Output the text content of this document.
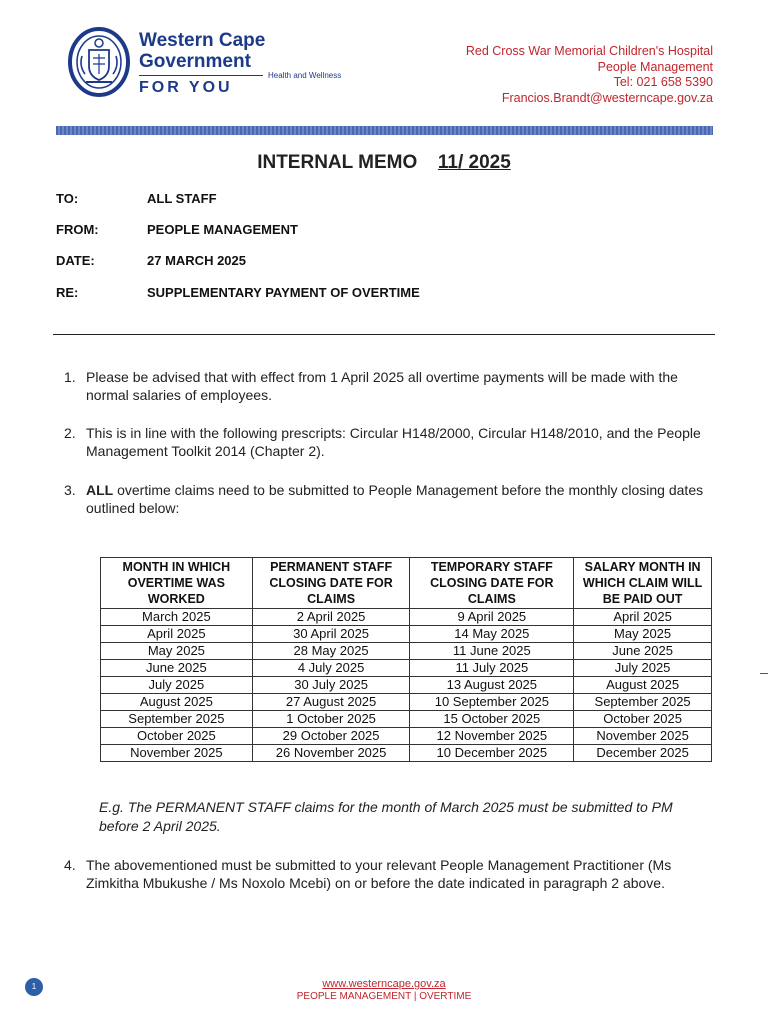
Western Cape
Government
FOR YOU
Health and Wellness
Red Cross War Memorial Children's Hospital
People Management
Tel: 021 658 5390
Francios.Brandt@westerncape.gov.za
INTERNAL MEMO 11/ 2025
TO:	ALL STAFF
FROM:	PEOPLE MANAGEMENT
DATE:	27 MARCH 2025
RE:	SUPPLEMENTARY PAYMENT OF OVERTIME
1. Please be advised that with effect from 1 April 2025 all overtime payments will be made with the normal salaries of employees.
2. This is in line with the following prescripts: Circular H148/2000, Circular H148/2010, and the People Management Toolkit 2014 (Chapter 2).
3. ALL overtime claims need to be submitted to People Management before the monthly closing dates outlined below:
MONTH IN WHICH OVERTIME WAS WORKED	PERMANENT STAFF CLOSING DATE FOR CLAIMS	TEMPORARY STAFF CLOSING DATE FOR CLAIMS	SALARY MONTH IN WHICH CLAIM WILL BE PAID OUT
March 2025	2 April 2025	9 April 2025	April 2025
April 2025	30 April 2025	14 May 2025	May 2025
May 2025	28 May 2025	11 June 2025	June 2025
June 2025	4 July 2025	11 July 2025	July 2025
July 2025	30 July 2025	13 August 2025	August 2025
August 2025	27 August 2025	10 September 2025	September 2025
September 2025	1 October 2025	15 October 2025	October 2025
October 2025	29 October 2025	12 November 2025	November 2025
November 2025	26 November 2025	10 December 2025	December 2025
E.g. The PERMANENT STAFF claims for the month of March 2025 must be submitted to PM before 2 April 2025.
4. The abovementioned must be submitted to your relevant People Management Practitioner (Ms Zimkitha Mbukushe / Ms Noxolo Mcebi) on or before the date indicated in paragraph 2 above.
1	www.westerncape.gov.za
PEOPLE MANAGEMENT | OVERTIME
